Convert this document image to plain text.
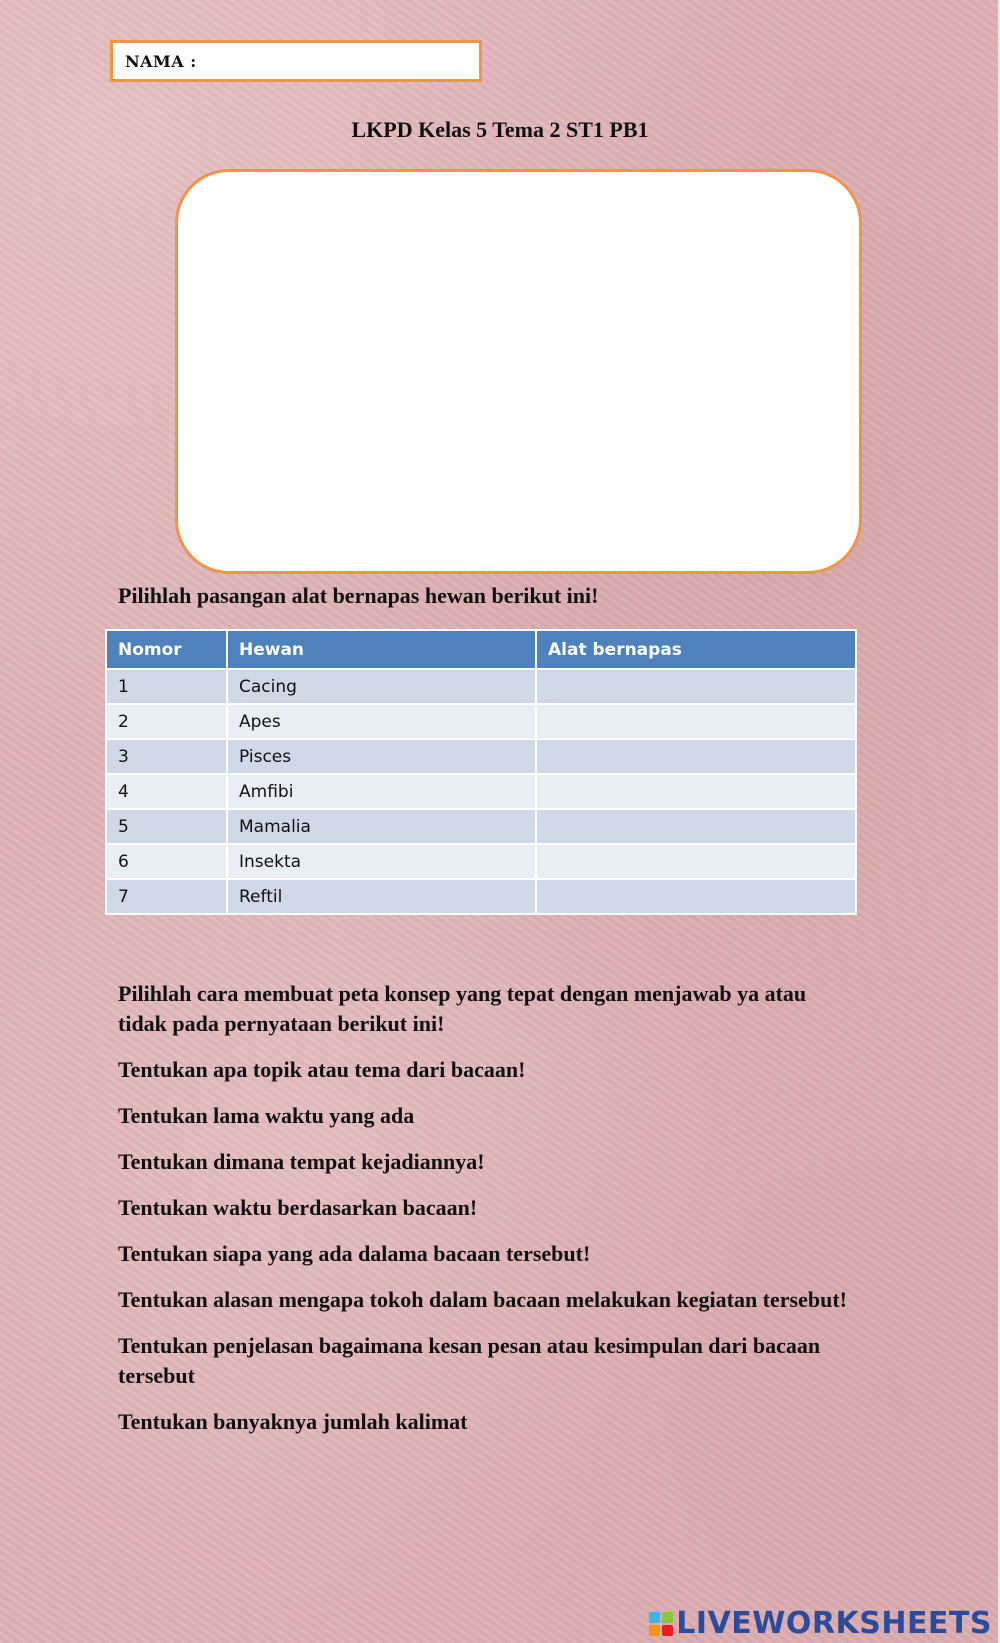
NAMA :
LKPD Kelas 5 Tema 2 ST1 PB1
Pilihlah pasangan alat bernapas hewan berikut ini!
Nomor	Hewan	Alat bernapas
1	Cacing	
2	Apes	
3	Pisces	
4	Amfibi	
5	Mamalia	
6	Insekta	
7	Reftil	

Pilihlah cara membuat peta konsep yang tepat dengan menjawab ya atau tidak pada pernyataan berikut ini!

Tentukan apa topik atau tema dari bacaan!

Tentukan lama waktu yang ada

Tentukan dimana tempat kejadiannya!

Tentukan waktu berdasarkan bacaan!

Tentukan siapa yang ada dalama bacaan tersebut!

Tentukan alasan mengapa tokoh dalam bacaan melakukan kegiatan tersebut!

Tentukan penjelasan bagaimana kesan pesan atau kesimpulan dari bacaan tersebut

Tentukan banyaknya jumlah kalimat

LIVEWORKSHEETS
